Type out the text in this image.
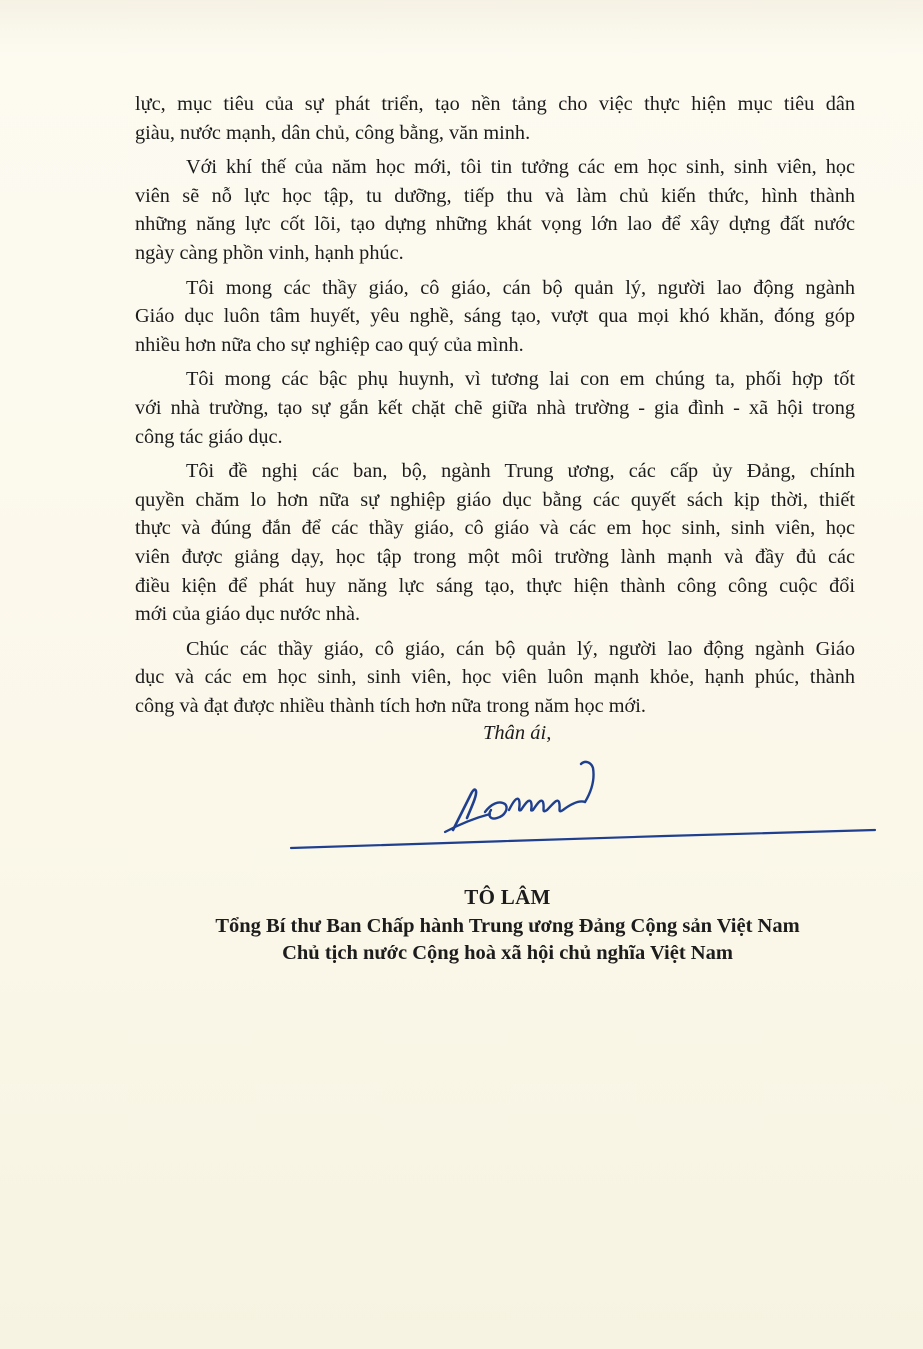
lực, mục tiêu của sự phát triển, tạo nền tảng cho việc thực hiện mục tiêu dân
giàu, nước mạnh, dân chủ, công bằng, văn minh.
Với khí thế của năm học mới, tôi tin tưởng các em học sinh, sinh viên, học
viên sẽ nỗ lực học tập, tu dưỡng, tiếp thu và làm chủ kiến thức, hình thành
những năng lực cốt lõi, tạo dựng những khát vọng lớn lao để xây dựng đất nước
ngày càng phồn vinh, hạnh phúc.
Tôi mong các thầy giáo, cô giáo, cán bộ quản lý, người lao động ngành
Giáo dục luôn tâm huyết, yêu nghề, sáng tạo, vượt qua mọi khó khăn, đóng góp
nhiều hơn nữa cho sự nghiệp cao quý của mình.
Tôi mong các bậc phụ huynh, vì tương lai con em chúng ta, phối hợp tốt
với nhà trường, tạo sự gắn kết chặt chẽ giữa nhà trường - gia đình - xã hội trong
công tác giáo dục.
Tôi đề nghị các ban, bộ, ngành Trung ương, các cấp ủy Đảng, chính
quyền chăm lo hơn nữa sự nghiệp giáo dục bằng các quyết sách kịp thời, thiết
thực và đúng đắn để các thầy giáo, cô giáo và các em học sinh, sinh viên, học
viên được giảng dạy, học tập trong một môi trường lành mạnh và đầy đủ các
điều kiện để phát huy năng lực sáng tạo, thực hiện thành công công cuộc đổi
mới của giáo dục nước nhà.
Chúc các thầy giáo, cô giáo, cán bộ quản lý, người lao động ngành Giáo
dục và các em học sinh, sinh viên, học viên luôn mạnh khỏe, hạnh phúc, thành
công và đạt được nhiều thành tích hơn nữa trong năm học mới.
Thân ái,
TÔ LÂM
Tổng Bí thư Ban Chấp hành Trung ương Đảng Cộng sản Việt Nam
Chủ tịch nước Cộng hoà xã hội chủ nghĩa Việt Nam
